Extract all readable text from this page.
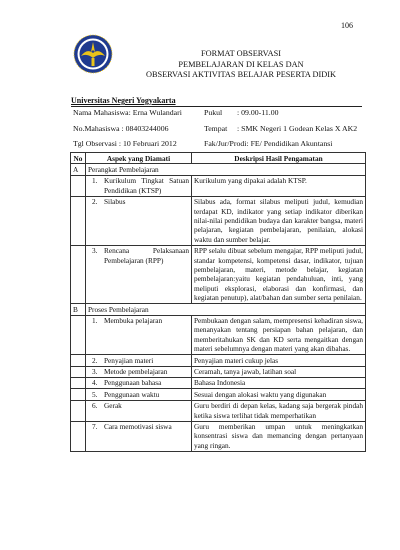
106
FORMAT OBSERVASI
PEMBELAJARAN DI KELAS DAN
OBSERVASI AKTIVITAS BELAJAR PESERTA DIDIK
Universitas Negeri Yogyakarta
Nama Mahasiswa: Erna Wulandari	Pukul : 09.00-11.00
No.Mahasiswa : 08403244006	Tempat : SMK Negeri 1 Godean Kelas X AK2
Tgl Observasi : 10 Februari 2012	Fak/Jur/Prodi: FE/ Pendidikan Akuntansi
No	Aspek yang Diamati	Deskripsi Hasil Pengamatan
A	Perangkat Pembelajaran	

	1. Kurikulum Tingkat Satuan Pendidikan (KTSP)	Kurikulum yang dipakai adalah KTSP.

	2. Silabus	Silabus ada, format silabus meliputi judul, kemudian terdapat KD, indikator yang setiap indikator diberikan nilai-nilai pendidikan budaya dan karakter bangsa, materi pelajaran, kegiatan pembelajaran, penilaian, alokasi waktu dan sumber belajar.

	3. Rencana Pelaksanaan Pembelajaran (RPP)	RPP selalu dibuat sebelum mengajar, RPP meliputi judul, standar kompetensi, kompetensi dasar, indikator, tujuan pembelajaran, materi, metode belajar, kegiatan pembelajaran:yaitu kegiatan pendahuluan, inti, yang meliputi eksplorasi, elaborasi dan konfirmasi, dan kegiatan penutup), alat/bahan dan sumber serta penilaian.
B	Proses Pembelajaran	

	1. Membuka pelajaran	Pembukaan dengan salam, mempresensi kehadiran siswa, menanyakan tentang persiapan bahan pelajaran, dan memberitahukan SK dan KD serta mengaitkan dengan materi sebelumnya dengan materi yang akan dibahas.

	2. Penyajian materi	Penyajian materi cukup jelas

	3. Metode pembelajaran	Ceramah, tanya jawab, latihan soal

	4. Penggunaan bahasa	Bahasa Indonesia

	5. Penggunaan waktu	Sesuai dengan alokasi waktu yang digunakan

	6. Gerak	Guru berdiri di depan kelas, kadang saja bergerak pindah ketika siswa terlihat tidak memperhatikan

	7. Cara memotivasi siswa	Guru memberikan umpan untuk meningkatkan konsentrasi siswa dan memancing dengan pertanyaan yang ringan.
